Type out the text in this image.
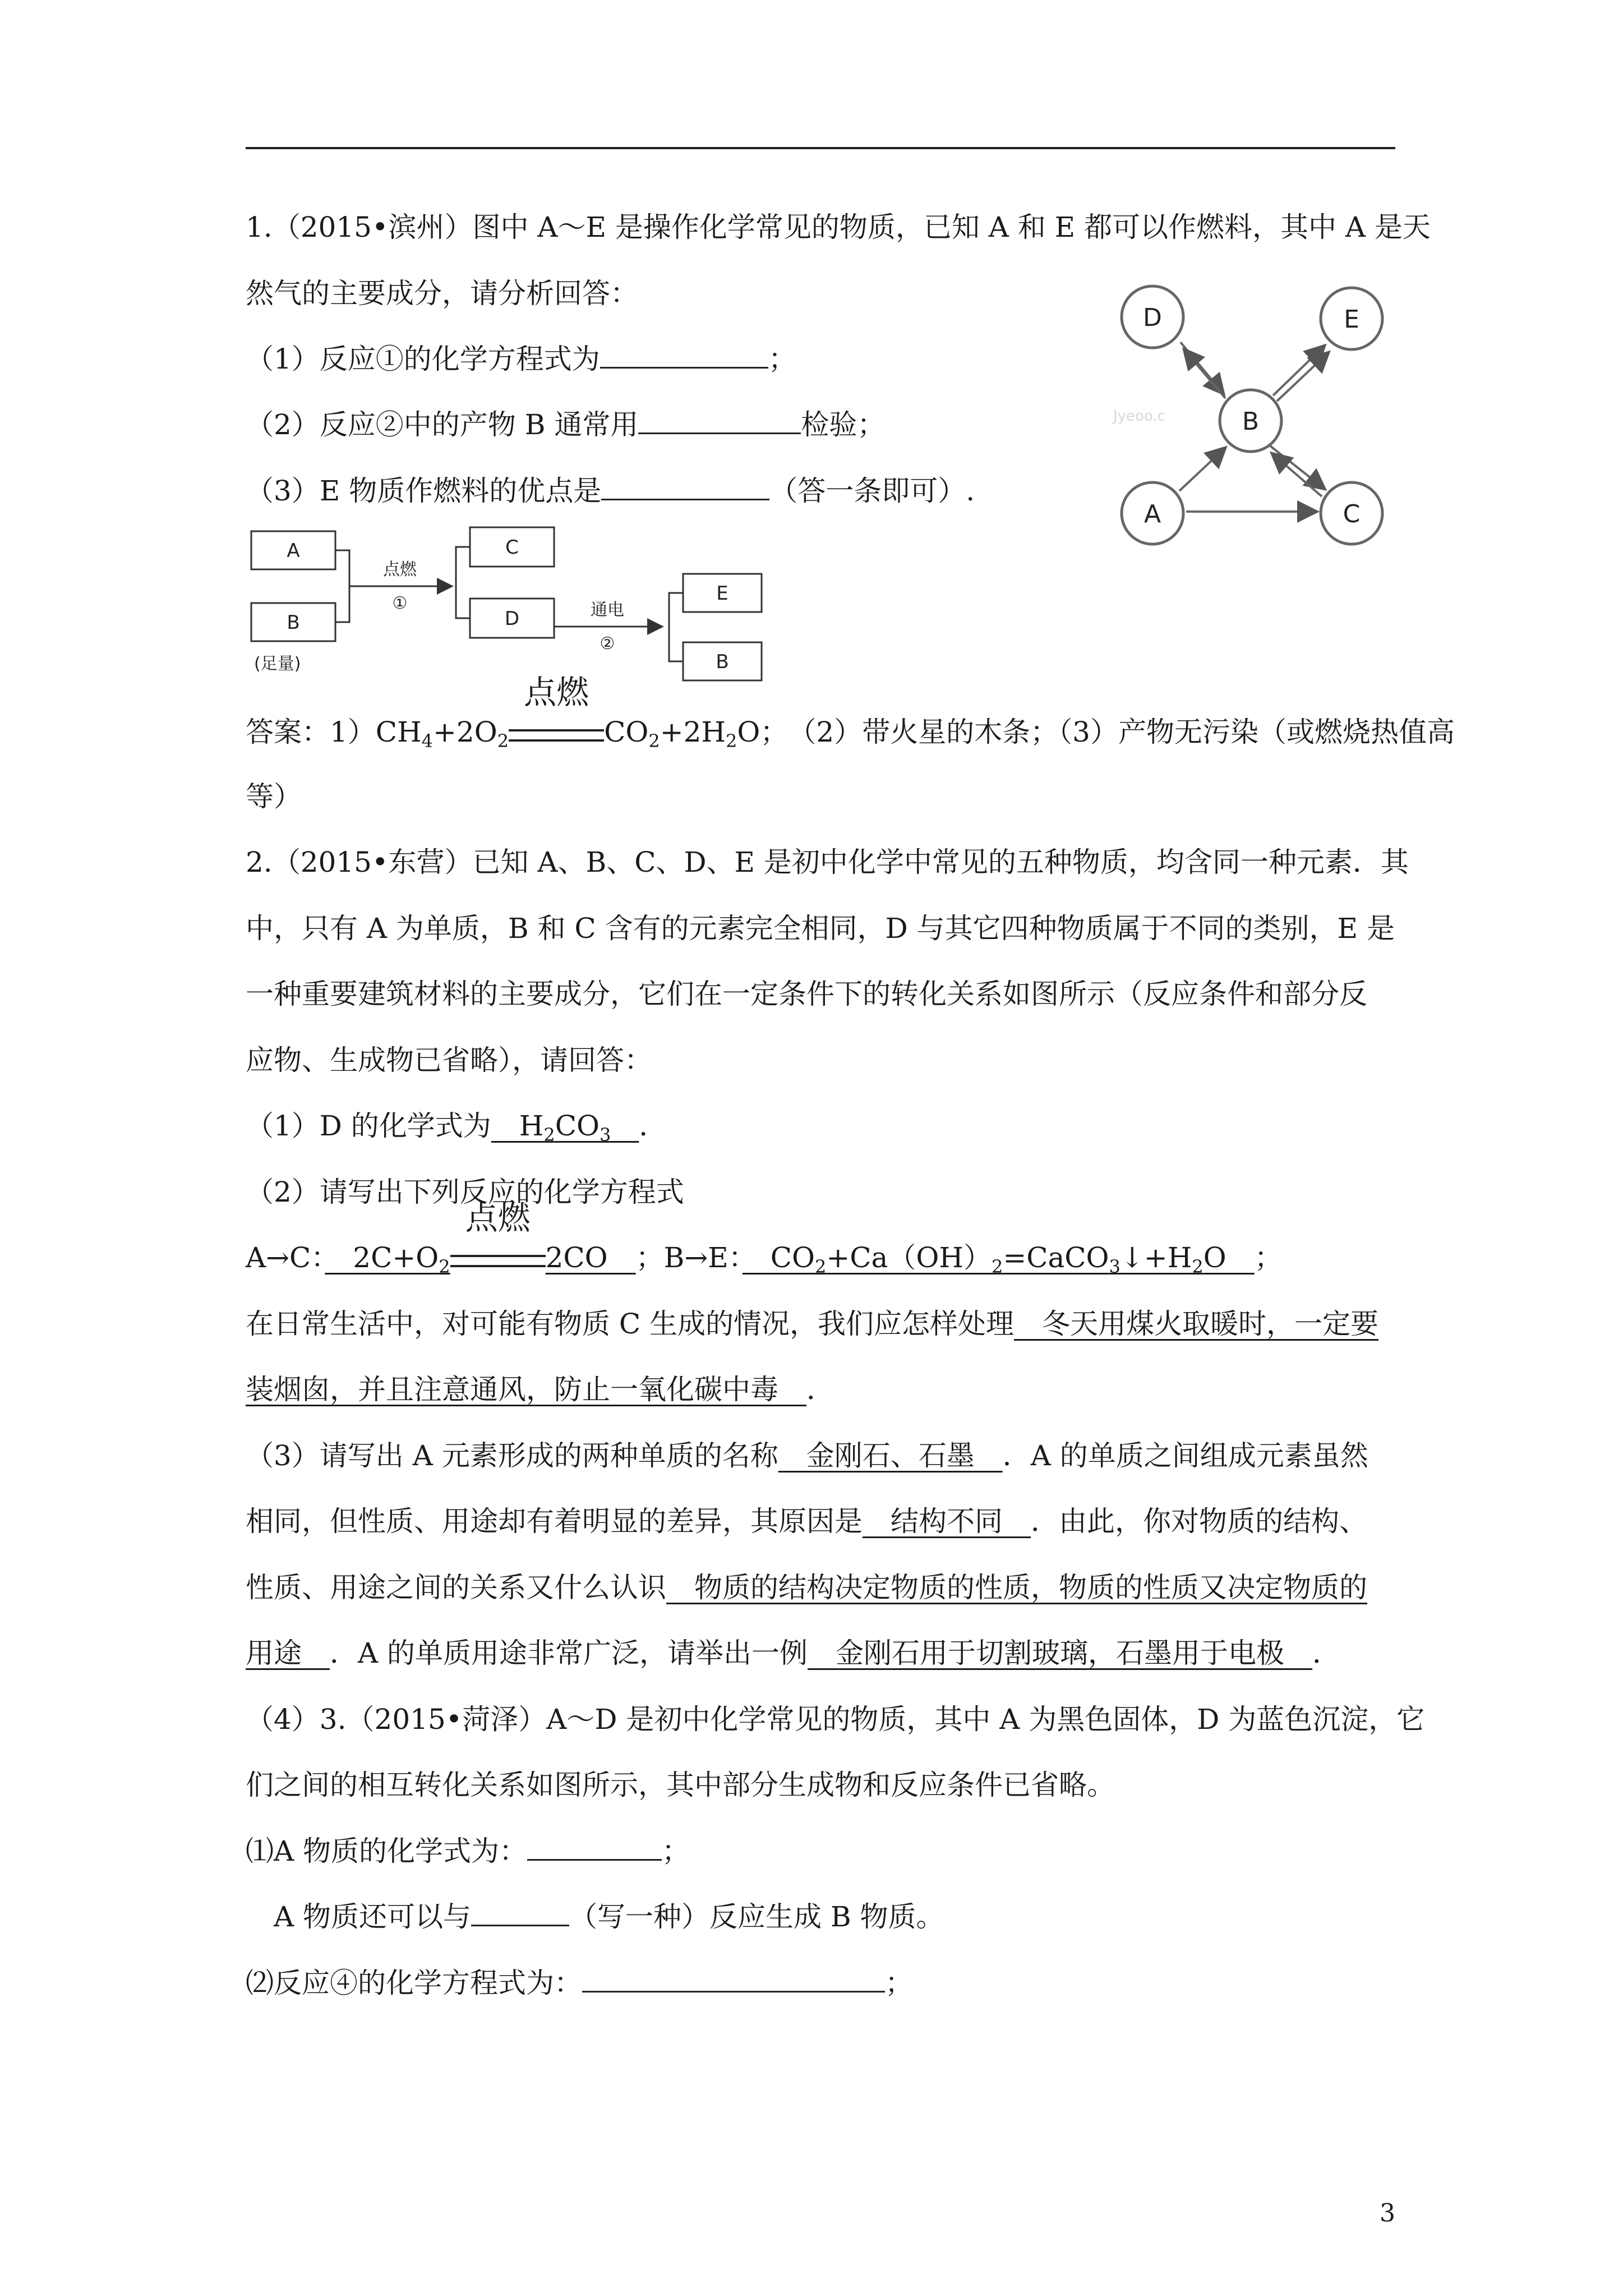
1.（2015•滨州）图中 A～E 是操作化学常见的物质，已知 A 和 E 都可以作燃料，其中 A 是天
然气的主要成分，请分析回答：
（1）反应①的化学方程式为	；
（2）反应②中的产物 B 通常用	检验；
（3）E 物质作燃料的优点是	（答一条即可）.
D	E
B
A	C
Jyeoo.c
A
B
C
D
E
B
(足量)
点燃
①	通电
②
答案：$1)CH_4+2O_2$
点燃
$CO_2+2H_2O$；　（2）带火星的木条；（3）产物无污染（或燃烧热值高
等）
2.（2015•东营）已知 A、B、C、D、E 是初中化学中常见的五种物质，均含同一种元素．其
中，只有 A 为单质，B 和 C 含有的元素完全相同，D 与其它四种物质属于不同的类别，E 是
一种重要建筑材料的主要成分，它们在一定条件下的转化关系如图所示（反应条件和部分反
应物、生成物已省略），请回答：
（1）D 的化学式为　$H_2CO_3$　 ．
（2）请写出下列反应的化学方程式
A→C：　$2C+O_2$
点燃
2CO　；B→E：　$CO_2+Ca(OH)_2=CaCO_3↓+H_2O$　；
在日常生活中，对可能有物质 C 生成的情况，我们应怎样处理　冬天用煤火取暖时，一定要
装烟囱，并且注意通风，防止一氧化碳中毒　．
（3）请写出 A 元素形成的两种单质的名称　金刚石、石墨　．A 的单质之间组成元素虽然
相同，但性质、用途却有着明显的差异，其原因是　结构不同　．由此，你对物质的结构、
性质、用途之间的关系又什么认识　物质的结构决定物质的性质，物质的性质又决定物质的
用途　．A 的单质用途非常广泛，请举出一例　金刚石用于切割玻璃，石墨用于电极　．
（4）3.（2015•菏泽）A～D 是初中化学常见的物质，其中 A 为黑色固体，D 为蓝色沉淀，它
们之间的相互转化关系如图所示，其中部分生成物和反应条件已省略。
⑴A 物质的化学式为：	；
　A 物质还可以与	（写一种）反应生成 B 物质。
⑵反应④的化学方程式为：	；
3
